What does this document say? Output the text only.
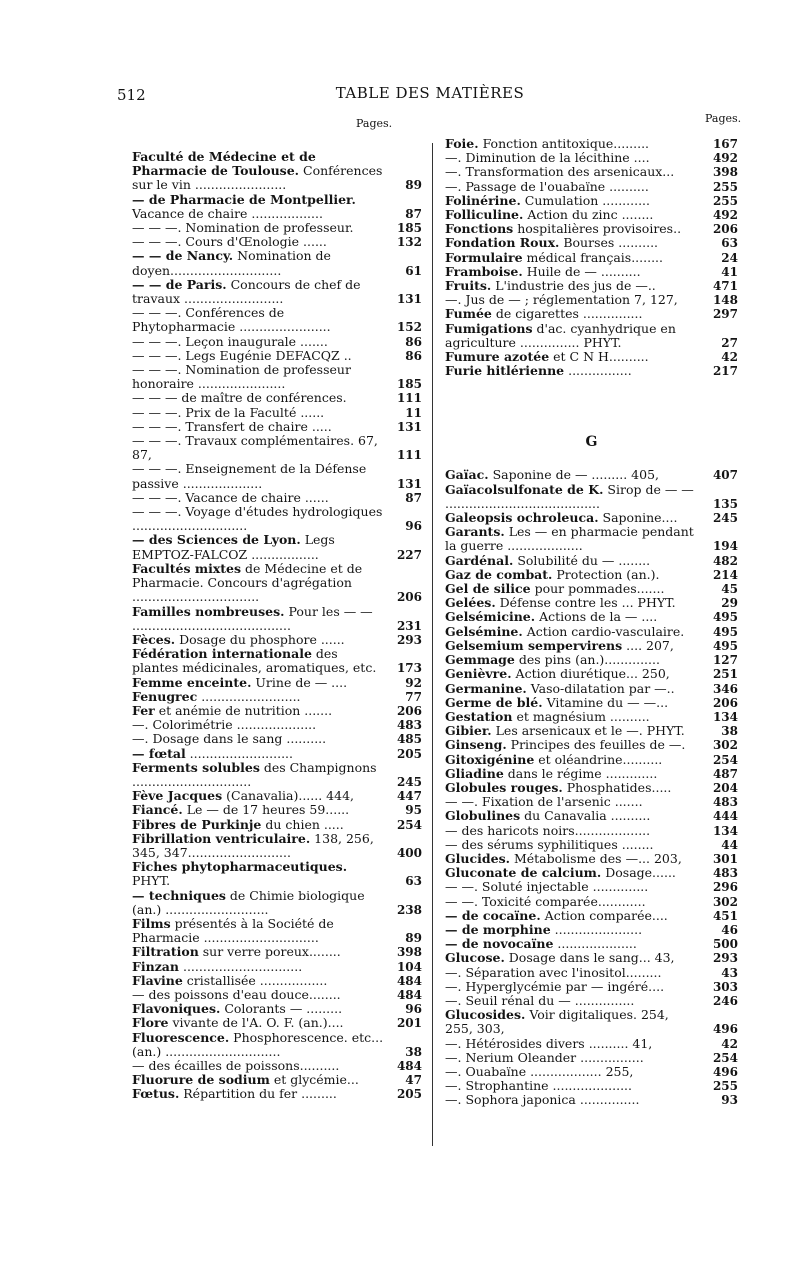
512	TABLE DES MATIÈRES
Pages.	Pages.
Faculté de Médecine et de Pharmacie de Toulouse. Conférences sur le vin .......................	89
— de Pharmacie de Montpellier. Vacance de chaire ..................	87
— — —. Nomination de professeur.	185
— — —. Cours d'Œnologie ......	132
— — de Nancy. Nomination de doyen............................	61
— — de Paris. Concours de chef de travaux .........................	131
— — —. Conférences de Phytopharmacie .......................	152
— — —. Leçon inaugurale .......	86
— — —. Legs Eugénie DEFACQZ ..	86
— — —. Nomination de professeur honoraire ......................	185
— — — de maître de conférences.	111
— — —. Prix de la Faculté ......	11
— — —. Transfert de chaire .....	131
— — —. Travaux complémentaires. 67, 87,	111
— — —. Enseignement de la Défense passive ....................	131
— — —. Vacance de chaire ......	87
— — —. Voyage d'études hydrologiques .............................	96
— des Sciences de Lyon. Legs EMPTOZ-FALCOZ .................	227
Facultés mixtes de Médecine et de Pharmacie. Concours d'agrégation ................................	206
Familles nombreuses. Pour les — — ........................................	231
Fèces. Dosage du phosphore ......	293
Fédération internationale des plantes médicinales, aromatiques, etc.	173
Femme enceinte. Urine de — ....	92
Fenugrec .........................	77
Fer et anémie de nutrition .......	206
—. Colorimétrie ....................	483
—. Dosage dans le sang ..........	485
— fœtal ..........................	205
Ferments solubles des Champignons ..............................	245
Fève Jacques (Canavalia)...... 444,	447
Fiancé. Le — de 17 heures 59......	95
Fibres de Purkinje du chien .....	254
Fibrillation ventriculaire. 138, 256, 345, 347..........................	400
Fiches phytopharmaceutiques. PHYT.	63
— techniques de Chimie biologique (an.) ..........................	238
Films présentés à la Société de Pharmacie .............................	89
Filtration sur verre poreux........	398
Finzan ..............................	104
Flavine cristallisée .................	484
— des poissons d'eau douce........	484
Flavoniques. Colorants — .........	96
Flore vivante de l'A. O. F. (an.)....	201
Fluorescence. Phosphorescence. etc... (an.) .............................	38
— des écailles de poissons..........	484
Fluorure de sodium et glycémie...	47
Fœtus. Répartition du fer .........	205
Foie. Fonction antitoxique.........	167
—. Diminution de la lécithine ....	492
—. Transformation des arsenicaux...	398
—. Passage de l'ouabaïne ..........	255
Folinérine. Cumulation ............	255
Folliculine. Action du zinc ........	492
Fonctions hospitalières provisoires..	206
Fondation Roux. Bourses ..........	63
Formulaire médical français........	24
Framboise. Huile de — ..........	41
Fruits. L'industrie des jus de —..	471
—. Jus de — ; réglementation 7, 127,	148
Fumée de cigarettes ...............	297
Fumigations d'ac. cyanhydrique en agriculture ............... PHYT.	27
Fumure azotée et C N H..........	42
Furie hitlérienne ................	217
G
Gaïac. Saponine de — ......... 405,	407
Gaïacolsulfonate de K. Sirop de — — .......................................	135
Galeopsis ochroleuca. Saponine....	245
Garants. Les — en pharmacie pendant la guerre ...................	194
Gardénal. Solubilité du — ........	482
Gaz de combat. Protection (an.).	214
Gel de silice pour pommades.......	45
Gelées. Défense contre les ... PHYT.	29
Gelsémicine. Actions de la — ....	495
Gelsémine. Action cardio-vasculaire.	495
Gelsemium sempervirens .... 207,	495
Gemmage des pins (an.)..............	127
Genièvre. Action diurétique... 250,	251
Germanine. Vaso-dilatation par —..	346
Germe de blé. Vitamine du — —...	206
Gestation et magnésium ..........	134
Gibier. Les arsenicaux et le —. PHYT.	38
Ginseng. Principes des feuilles de —.	302
Gitoxigénine et oléandrine..........	254
Gliadine dans le régime .............	487
Globules rouges. Phosphatides.....	204
— —. Fixation de l'arsenic .......	483
Globulines du Canavalia ..........	444
— des haricots noirs...................	134
— des sérums syphilitiques ........	44
Glucides. Métabolisme des —... 203,	301
Gluconate de calcium. Dosage......	483
— —. Soluté injectable ..............	296
— —. Toxicité comparée............	302
— de cocaïne. Action comparée....	451
— de morphine ......................	46
— de novocaïne ....................	500
Glucose. Dosage dans le sang... 43,	293
—. Séparation avec l'inositol.........	43
—. Hyperglycémie par — ingéré....	303
—. Seuil rénal du — ...............	246
Glucosides. Voir digitaliques. 254, 255, 303,	496
—. Hétérosides divers .......... 41,	42
—. Nerium Oleander ................	254
—. Ouabaïne .................. 255,	496
—. Strophantine ....................	255
—. Sophora japonica ...............	93
